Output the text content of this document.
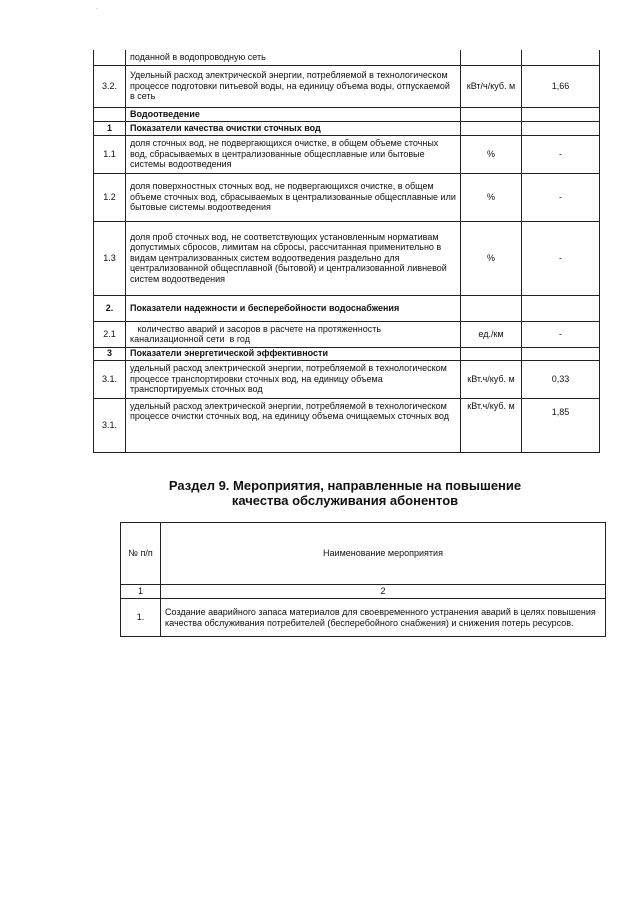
	поданной в водопроводную сеть		
3.2.	Удельный расход электрической энергии, потребляемой в технологическом процессе подготовки питьевой воды, на единицу объема воды, отпускаемой в сеть	кВт/ч/куб. м	1,66
	Водоотведение		
1	Показатели качества очистки сточных вод		
1.1	доля сточных вод, не подвергающихся очистке, в общем объеме сточных вод, сбрасываемых в централизованные общесплавные или бытовые системы водоотведения	%	-
1.2	доля поверхностных сточных вод, не подвергающихся очистке, в общем объеме сточных вод, сбрасываемых в централизованные общесплавные или бытовые системы водоотведения	%	-
1.3	доля проб сточных вод, не соответствующих установленным нормативам допустимых сбросов, лимитам на сбросы, рассчитанная применительно в видам централизованных систем водоотведения раздельно для централизованной общесплавной (бытовой) и централизованной ливневой систем водоотведения	%	-
2.	Показатели надежности и бесперебойности водоснабжения		
2.1	количество аварий и засоров в расчете на протяженность канализационной сети  в год	ед./км	-
3	Показатели энергетической эффективности		
3.1.	удельный расход электрической энергии, потребляемой в технологическом процессе транспортировки сточных вод, на единицу объема транспортируемых сточных вод	кВт.ч/куб. м	0,33
3.1.	удельный расход электрической энергии, потребляемой в технологическом процессе очистки сточных вод, на единицу объема очищаемых сточных вод	кВт.ч/куб. м	1,85
Раздел 9. Мероприятия, направленные на повышение
качества обслуживания абонентов
№ п/п	Наименование мероприятия
1	2
1.	Создание аварийного запаса материалов для своевременного устранения аварий в целях повышения качества обслуживания потребителей (бесперебойного снабжения) и снижения потерь ресурсов.
